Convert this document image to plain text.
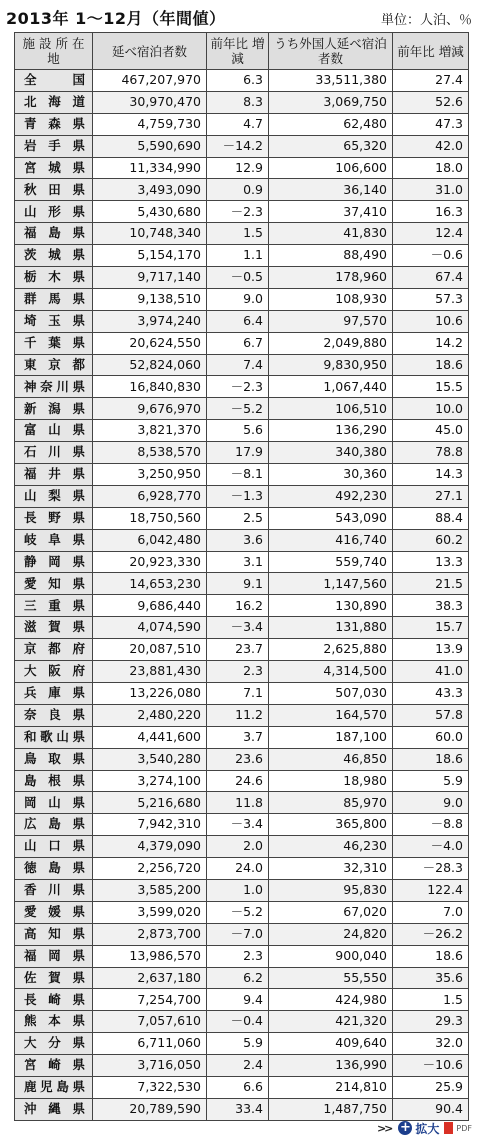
2013年 1～12月（年間値）	単位：人泊、％
施 設 所 在 地	延べ宿泊者数	前年比 増減	うち外国人延べ宿泊者数	前年比 増減
全国	467,207,970	6.3	33,511,380	27.4
北海道	30,970,470	8.3	3,069,750	52.6
青森県	4,759,730	4.7	62,480	47.3
岩手県	5,590,690	－14.2	65,320	42.0
宮城県	11,334,990	12.9	106,600	18.0
秋田県	3,493,090	0.9	36,140	31.0
山形県	5,430,680	－2.3	37,410	16.3
福島県	10,748,340	1.5	41,830	12.4
茨城県	5,154,170	1.1	88,490	－0.6
栃木県	9,717,140	－0.5	178,960	67.4
群馬県	9,138,510	9.0	108,930	57.3
埼玉県	3,974,240	6.4	97,570	10.6
千葉県	20,624,550	6.7	2,049,880	14.2
東京都	52,824,060	7.4	9,830,950	18.6
神奈川県	16,840,830	－2.3	1,067,440	15.5
新潟県	9,676,970	－5.2	106,510	10.0
富山県	3,821,370	5.6	136,290	45.0
石川県	8,538,570	17.9	340,380	78.8
福井県	3,250,950	－8.1	30,360	14.3
山梨県	6,928,770	－1.3	492,230	27.1
長野県	18,750,560	2.5	543,090	88.4
岐阜県	6,042,480	3.6	416,740	60.2
静岡県	20,923,330	3.1	559,740	13.3
愛知県	14,653,230	9.1	1,147,560	21.5
三重県	9,686,440	16.2	130,890	38.3
滋賀県	4,074,590	－3.4	131,880	15.7
京都府	20,087,510	23.7	2,625,880	13.9
大阪府	23,881,430	2.3	4,314,500	41.0
兵庫県	13,226,080	7.1	507,030	43.3
奈良県	2,480,220	11.2	164,570	57.8
和歌山県	4,441,600	3.7	187,100	60.0
鳥取県	3,540,280	23.6	46,850	18.6
島根県	3,274,100	24.6	18,980	5.9
岡山県	5,216,680	11.8	85,970	9.0
広島県	7,942,310	－3.4	365,800	－8.8
山口県	4,379,090	2.0	46,230	－4.0
徳島県	2,256,720	24.0	32,310	－28.3
香川県	3,585,200	1.0	95,830	122.4
愛媛県	3,599,020	－5.2	67,020	7.0
高知県	2,873,700	－7.0	24,820	－26.2
福岡県	13,986,570	2.3	900,040	18.6
佐賀県	2,637,180	6.2	55,550	35.6
長崎県	7,254,700	9.4	424,980	1.5
熊本県	7,057,610	－0.4	421,320	29.3
大分県	6,711,060	5.9	409,640	32.0
宮崎県	3,716,050	2.4	136,990	－10.6
鹿児島県	7,322,530	6.6	214,810	25.9
沖縄県	20,789,590	33.4	1,487,750	90.4
>> + 拡大 PDF
